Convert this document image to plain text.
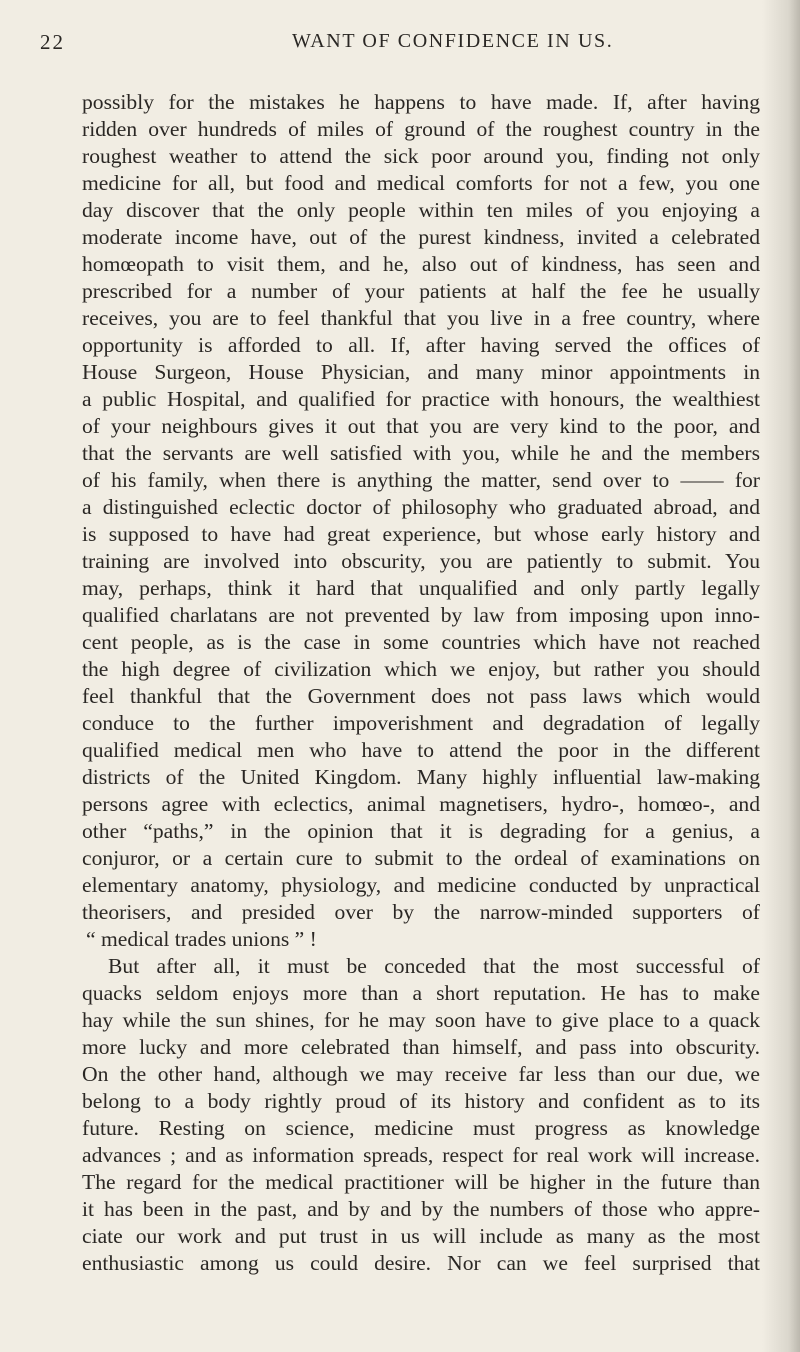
22	WANT OF CONFIDENCE IN US.
possibly for the mistakes he happens to have made. If, after having
ridden over hundreds of miles of ground of the roughest country in the
roughest weather to attend the sick poor around you, finding not only
medicine for all, but food and medical comforts for not a few, you one
day discover that the only people within ten miles of you enjoying a
moderate income have, out of the purest kindness, invited a celebrated
homœopath to visit them, and he, also out of kindness, has seen and
prescribed for a number of your patients at half the fee he usually
receives, you are to feel thankful that you live in a free country, where
opportunity is afforded to all. If, after having served the offices of
House Surgeon, House Physician, and many minor appointments in
a public Hospital, and qualified for practice with honours, the wealthiest
of your neighbours gives it out that you are very kind to the poor, and
that the servants are well satisfied with you, while he and the members
of his family, when there is anything the matter, send over to —— for
a distinguished eclectic doctor of philosophy who graduated abroad, and
is supposed to have had great experience, but whose early history and
training are involved into obscurity, you are patiently to submit. You
may, perhaps, think it hard that unqualified and only partly legally
qualified charlatans are not prevented by law from imposing upon inno-
cent people, as is the case in some countries which have not reached
the high degree of civilization which we enjoy, but rather you should
feel thankful that the Government does not pass laws which would
conduce to the further impoverishment and degradation of legally
qualified medical men who have to attend the poor in the different
districts of the United Kingdom. Many highly influential law-making
persons agree with eclectics, animal magnetisers, hydro-, homœo-, and
other “paths,” in the opinion that it is degrading for a genius, a
conjuror, or a certain cure to submit to the ordeal of examinations on
elementary anatomy, physiology, and medicine conducted by unpractical
theorisers, and presided over by the narrow-minded supporters of
“ medical trades unions ” !
But after all, it must be conceded that the most successful of
quacks seldom enjoys more than a short reputation. He has to make
hay while the sun shines, for he may soon have to give place to a quack
more lucky and more celebrated than himself, and pass into obscurity.
On the other hand, although we may receive far less than our due, we
belong to a body rightly proud of its history and confident as to its
future. Resting on science, medicine must progress as knowledge
advances ; and as information spreads, respect for real work will increase.
The regard for the medical practitioner will be higher in the future than
it has been in the past, and by and by the numbers of those who appre-
ciate our work and put trust in us will include as many as the most
enthusiastic among us could desire. Nor can we feel surprised that
